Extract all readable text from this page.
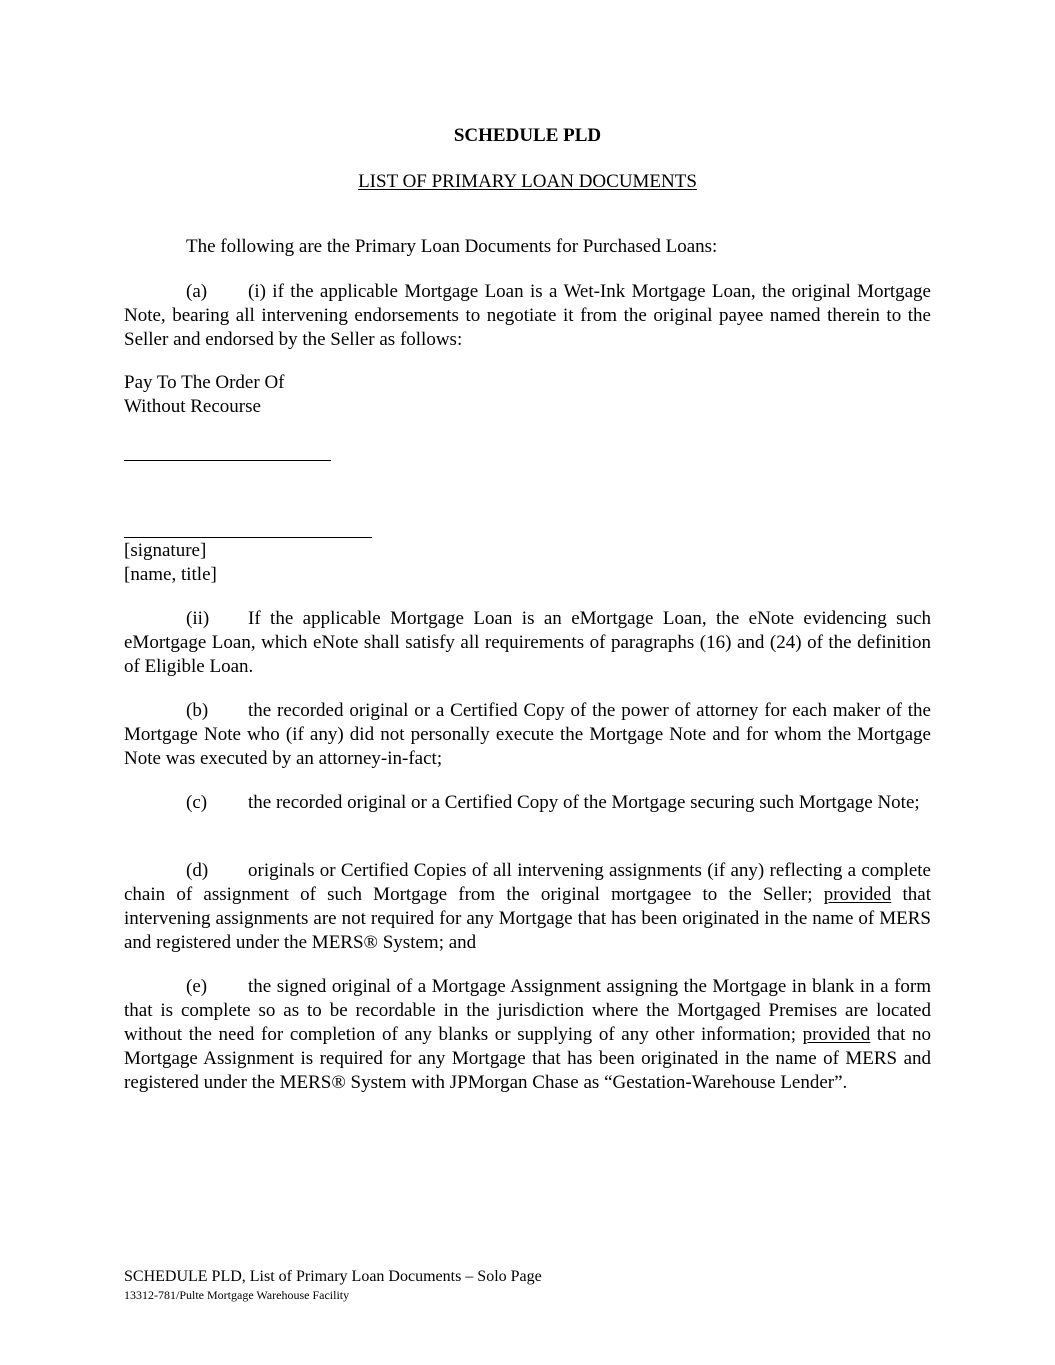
SCHEDULE PLD

LIST OF PRIMARY LOAN DOCUMENTS

The following are the Primary Loan Documents for Purchased Loans:

(a) (i) if the applicable Mortgage Loan is a Wet-Ink Mortgage Loan, the original Mortgage Note, bearing all intervening endorsements to negotiate it from the original payee named therein to the Seller and endorsed by the Seller as follows:

Pay To The Order Of

Without Recourse

[signature]

[name, title]

(ii) If the applicable Mortgage Loan is an eMortgage Loan, the eNote evidencing such eMortgage Loan, which eNote shall satisfy all requirements of paragraphs (16) and (24) of the definition of Eligible Loan.

(b) the recorded original or a Certified Copy of the power of attorney for each maker of the Mortgage Note who (if any) did not personally execute the Mortgage Note and for whom the Mortgage Note was executed by an attorney-in-fact;

(c) the recorded original or a Certified Copy of the Mortgage securing such Mortgage Note;

(d) originals or Certified Copies of all intervening assignments (if any) reflecting a complete chain of assignment of such Mortgage from the original mortgagee to the Seller; provided that intervening assignments are not required for any Mortgage that has been originated in the name of MERS and registered under the MERS® System; and

(e) the signed original of a Mortgage Assignment assigning the Mortgage in blank in a form that is complete so as to be recordable in the jurisdiction where the Mortgaged Premises are located without the need for completion of any blanks or supplying of any other information; provided that no Mortgage Assignment is required for any Mortgage that has been originated in the name of MERS and registered under the MERS® System with JPMorgan Chase as “Gestation-Warehouse Lender”.

SCHEDULE PLD, List of Primary Loan Documents – Solo Page

13312-781/Pulte Mortgage Warehouse Facility
